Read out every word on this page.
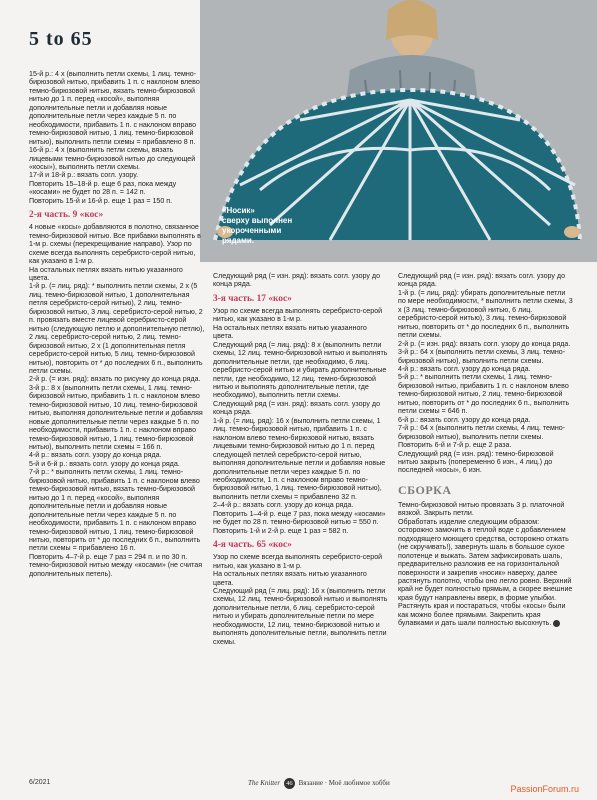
5 to 65
«Носик»
сверху выполнен
укороченными
рядами.

15-й р.: 4 х (выполнить петли схемы, 1 лиц. темно-бирюзовой нитью, прибавить 1 п. с наклоном влево темно-бирюзовой нитью, вязать темно-бирюзовой нитью до 1 п. перед «косой», выполняя дополнительные петли и добавляя новые дополнительные петли через каждые 5 п. по необходимости, прибавить 1 п. с наклоном вправо темно-бирюзовой нитью, 1 лиц. темно-бирюзовой нитью), выполнить петли схемы = прибавлено 8 п.

16-й р.: 4 х (выполнить петли схемы, вязать лицевыми темно-бирюзовой нитью до следующей «косы»), выполнить петли схемы.

17-й и 18-й р.: вязать согл. узору.

Повторить 15–18-й р. еще 6 раз, пока между «косами» не будет по 28 п. = 142 п.

Повторить 15-й и 16-й р. еще 1 раз = 150 п.

2-я часть. 9 «кос»

4 новые «косы» добавляются в полотно, связанное темно-бирюзовой нитью. Все прибавки выполнять в 1-м р. схемы (перекрещивание направо). Узор по схеме всегда выполнять серебристо-серой нитью, как указано в 1-м р.

На остальных петлях вязать нитью указанного цвета.

1-й р. (= лиц. ряд): * выполнить петли схемы, 2 х (5 лиц. темно-бирюзовой нитью, 1 дополнительная петля серебристо-серой нитью), 2 лиц. темно-бирюзовой нитью, 3 лиц. серебристо-серой нитью, 2 п. провязать вместе лицевой серебристо-серой нитью (следующую петлю и дополнительную петлю), 2 лиц. серебристо-серой нитью, 2 лиц. темно-бирюзовой нитью, 2 х (1 дополнительная петля серебристо-серой нитью, 5 лиц. темно-бирюзовой нитью), повторить от * до последних 6 п., выполнить петли схемы.

2-й р. (= изн. ряд): вязать по рисунку до конца ряда.

3-й р.: 8 х (выполнить петли схемы, 1 лиц. темно-бирюзовой нитью, прибавить 1 п. с наклоном влево темно-бирюзовой нитью, 10 лиц. темно-бирюзовой нитью, выполняя дополнительные петли и добавляя новые дополнительные петли через каждые 5 п. по необходимости, прибавить 1 п. с наклоном вправо темно-бирюзовой нитью, 1 лиц. темно-бирюзовой нитью), выполнить петли схемы = 166 п.

4-й р.: вязать согл. узору до конца ряда.

5-й и 6-й р.: вязать согл. узору до конца ряда.

7-й р.: * выполнить петли схемы, 1 лиц. темно-бирюзовой нитью, прибавить 1 п. с наклоном влево темно-бирюзовой нитью, вязать темно-бирюзовой нитью до 1 п. перед «косой», выполняя дополнительные петли и добавляя новые дополнительные петли через каждые 5 п. по необходимости, прибавить 1 п. с наклоном вправо темно-бирюзовой нитью, 1 лиц. темно-бирюзовой нитью, повторить от * до последних 6 п., выполнить петли схемы = прибавлено 16 п.

Повторить 4–7-й р. еще 7 раз = 294 п. и по 30 п. темно-бирюзовой нитью между «косами» (не считая дополнительных петель).

Следующий ряд (= изн. ряд): вязать согл. узору до конца ряда.

3-я часть. 17 «кос»

Узор по схеме всегда выполнять серебристо-серой нитью, как указано в 1-м р.

На остальных петлях вязать нитью указанного цвета.

Следующий ряд (= лиц. ряд): 8 х (выполнить петли схемы, 12 лиц. темно-бирюзовой нитью и выполнять дополнительные петли, где необходимо, 6 лиц. серебристо-серой нитью и убирать дополнительные петли, где необходимо, 12 лиц. темно-бирюзовой нитью и выполнять дополнительные петли, где необходимо), выполнить петли схемы.

Следующий ряд (= изн. ряд): вязать согл. узору до конца ряда.

1-й р. (= лиц. ряд): 16 х (выполнить петли схемы, 1 лиц. темно-бирюзовой нитью, прибавить 1 п. с наклоном влево темно-бирюзовой нитью, вязать лицевыми темно-бирюзовой нитью до 1 п. перед следующей петлей серебристо-серой нитью, выполняя дополнительные петли и добавляя новые дополнительные петли через каждые 5 п. по необходимости, 1 п. с наклоном вправо темно-бирюзовой нитью, 1 лиц. темно-бирюзовой нитью), выполнить петли схемы = прибавлено 32 п.

2–4-й р.: вязать согл. узору до конца ряда.

Повторить 1–4-й р. еще 7 раз, пока между «косами» не будет по 28 п. темно-бирюзовой нитью = 550 п.

Повторить 1-й и 2-й р. еще 1 раз = 582 п.

4-я часть. 65 «кос»

Узор по схеме всегда выполнять серебристо-серой нитью, как указано в 1-м р.

На остальных петлях вязать нитью указанного цвета.

Следующий ряд (= лиц. ряд): 16 х (выполнить петли схемы, 12 лиц. темно-бирюзовой нитью и выполнять дополнительные петли, 6 лиц. серебристо-серой нитью и убирать дополнительные петли по мере необходимости, 12 лиц. темно-бирюзовой нитью и выполнять дополнительные петли, выполнить петли схемы.

Следующий ряд (= изн. ряд): вязать согл. узору до конца ряда.

1-й р. (= лиц. ряд): убирать дополнительные петли по мере необходимости, * выполнить петли схемы, 3 х (3 лиц. темно-бирюзовой нитью, 6 лиц. серебристо-серой нитью), 3 лиц. темно-бирюзовой нитью, повторить от * до последних 6 п., выполнить петли схемы.

2-й р. (= изн. ряд): вязать согл. узору до конца ряда.

3-й р.: 64 х (выполнить петли схемы, 3 лиц. темно-бирюзовой нитью), выполнить петли схемы.

4-й р.: вязать согл. узору до конца ряда.

5-й р.: * выполнить петли схемы, 1 лиц. темно-бирюзовой нитью, прибавить 1 п. с наклоном влево темно-бирюзовой нитью, 2 лиц. темно-бирюзовой нитью, повторить от * до последних 6 п., выполнить петли схемы = 646 п.

6-й р.: вязать согл. узору до конца ряда.

7-й р.: 64 х (выполнить петли схемы, 4 лиц. темно-бирюзовой нитью), выполнить петли схемы.

Повторить 6-й и 7-й р. еще 2 раза.

Следующий ряд (= изн. ряд): темно-бирюзовой нитью закрыть (попеременно 6 изн., 4 лиц.) до последней «косы», 6 изн.

СБОРКА

Темно-бирюзовой нитью провязать 3 р. платочной вязкой. Закрыть петли.

Обработать изделие следующим образом: осторожно замочить в теплой воде с добавлением подходящего моющего средства, осторожно отжать (не скручивать!), завернуть шаль в большое сухое полотенце и выжать. Затем зафиксировать шаль, предварительно разложив ее на горизонтальной поверхности и закрепив «носик» наверху, далее растянуть полотно, чтобы оно легло ровно. Верхний край не будет полностью прямым, а скорее внешние края будут направлены вверх, в форме улыбки. Растянуть края и постараться, чтобы «косы» были как можно более прямыми. Закрепить края булавками и дать шали полностью высохнуть.

6/2021	The Knitter 46 Вязание · Моё любимое хобби
PassionForum.ru
